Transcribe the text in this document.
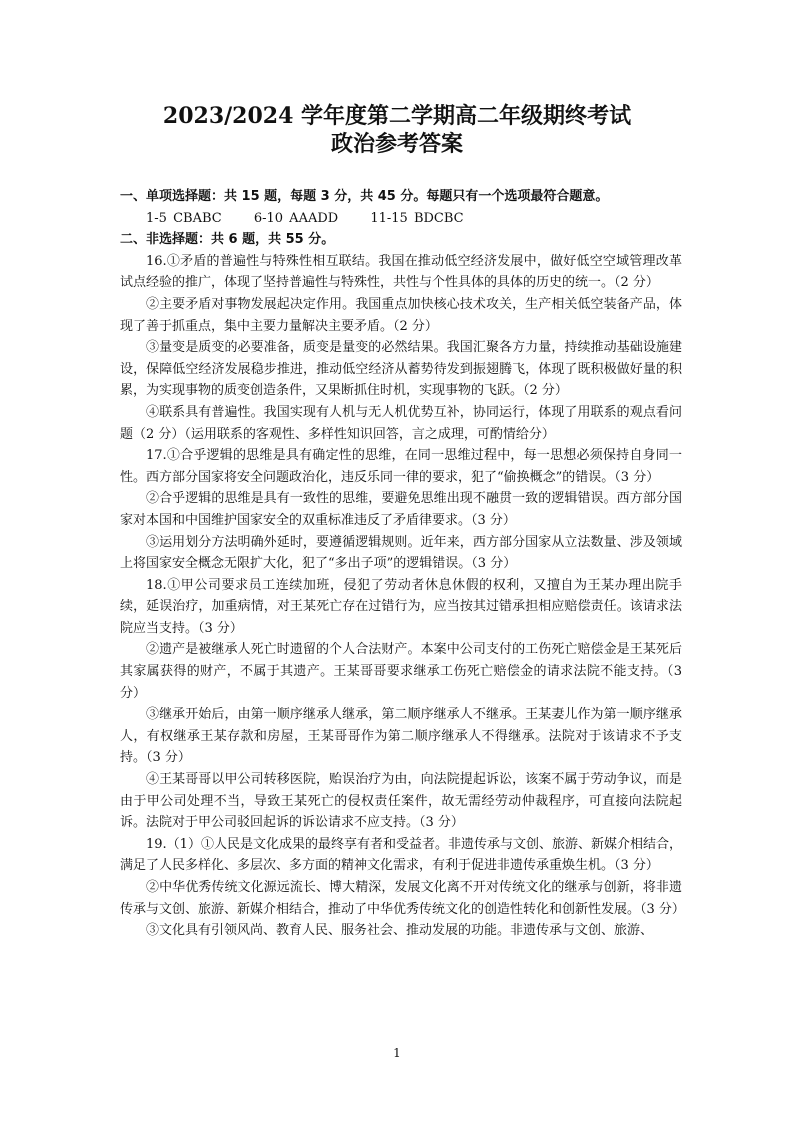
2023/2024 学年度第二学期高二年级期终考试
政治参考答案

一、单项选择题：共 15 题，每题 3 分，共 45 分。每题只有一个选项最符合题意。

1-5 CBABC 6-10 AAADD 11-15 BDCBC

二、非选择题：共 6 题，共 55 分。

16.①矛盾的普遍性与特殊性相互联结。我国在推动低空经济发展中，做好低空空域管理改革试点经验的推广，体现了坚持普遍性与特殊性，共性与个性具体的具体的历史的统一。（2 分）

②主要矛盾对事物发展起决定作用。我国重点加快核心技术攻关，生产相关低空装备产品，体现了善于抓重点，集中主要力量解决主要矛盾。（2 分）

③量变是质变的必要准备，质变是量变的必然结果。我国汇聚各方力量，持续推动基础设施建设，保障低空经济发展稳步推进，推动低空经济从蓄势待发到振翅腾飞，体现了既积极做好量的积累，为实现事物的质变创造条件，又果断抓住时机，实现事物的飞跃。（2 分）

④联系具有普遍性。我国实现有人机与无人机优势互补，协同运行，体现了用联系的观点看问题（2 分）（运用联系的客观性、多样性知识回答，言之成理，可酌情给分）

17.①合乎逻辑的思维是具有确定性的思维，在同一思维过程中，每一思想必须保持自身同一性。西方部分国家将安全问题政治化，违反乐同一律的要求，犯了“偷换概念”的错误。（3 分）

②合乎逻辑的思维是具有一致性的思维，要避免思维出现不融贯一致的逻辑错误。西方部分国家对本国和中国维护国家安全的双重标准违反了矛盾律要求。（3 分）

③运用划分方法明确外延时，要遵循逻辑规则。近年来，西方部分国家从立法数量、涉及领域上将国家安全概念无限扩大化，犯了“多出子项”的逻辑错误。（3 分）

18.①甲公司要求员工连续加班，侵犯了劳动者休息休假的权利，又擅自为王某办理出院手续，延误治疗，加重病情，对王某死亡存在过错行为，应当按其过错承担相应赔偿责任。该请求法院应当支持。（3 分）

②遗产是被继承人死亡时遗留的个人合法财产。本案中公司支付的工伤死亡赔偿金是王某死后其家属获得的财产，不属于其遗产。王某哥哥要求继承工伤死亡赔偿金的请求法院不能支持。（3 分）

③继承开始后，由第一顺序继承人继承，第二顺序继承人不继承。王某妻儿作为第一顺序继承人，有权继承王某存款和房屋，王某哥哥作为第二顺序继承人不得继承。法院对于该请求不予支持。（3 分）

④王某哥哥以甲公司转移医院，贻误治疗为由，向法院提起诉讼，该案不属于劳动争议，而是由于甲公司处理不当，导致王某死亡的侵权责任案件，故无需经劳动仲裁程序，可直接向法院起诉。法院对于甲公司驳回起诉的诉讼请求不应支持。（3 分）

19.（1）①人民是文化成果的最终享有者和受益者。非遗传承与文创、旅游、新媒介相结合，满足了人民多样化、多层次、多方面的精神文化需求，有利于促进非遗传承重焕生机。（3 分）

②中华优秀传统文化源远流长、博大精深，发展文化离不开对传统文化的继承与创新，将非遗传承与文创、旅游、新媒介相结合，推动了中华优秀传统文化的创造性转化和创新性发展。（3 分）

③文化具有引领风尚、教育人民、服务社会、推动发展的功能。非遗传承与文创、旅游、

1
